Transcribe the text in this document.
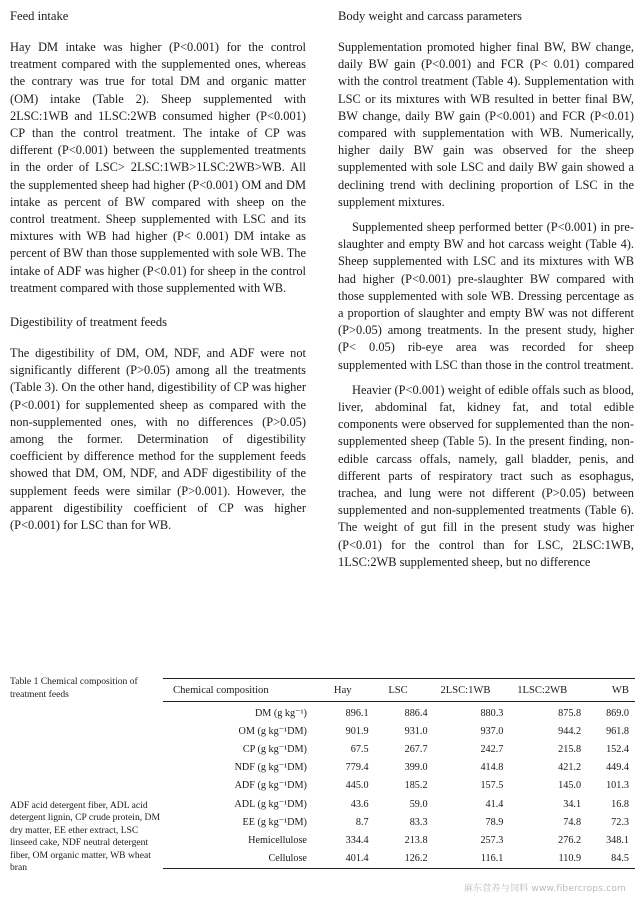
Feed intake

Hay DM intake was higher (P<0.001) for the control treatment compared with the supplemented ones, whereas the contrary was true for total DM and organic matter (OM) intake (Table 2). Sheep supplemented with 2LSC:1WB and 1LSC:2WB consumed higher (P<0.001) CP than the control treatment. The intake of CP was different (P<0.001) between the supplemented treatments in the order of LSC> 2LSC:1WB>1LSC:2WB>WB. All the supplemented sheep had higher (P<0.001) OM and DM intake as percent of BW compared with sheep on the control treatment. Sheep supplemented with LSC and its mixtures with WB had higher (P< 0.001) DM intake as percent of BW than those supplemented with sole WB. The intake of ADF was higher (P<0.01) for sheep in the control treatment compared with those supplemented with WB.

Digestibility of treatment feeds

The digestibility of DM, OM, NDF, and ADF were not significantly different (P>0.05) among all the treatments (Table 3). On the other hand, digestibility of CP was higher (P<0.001) for supplemented sheep as compared with the non-supplemented ones, with no differences (P>0.05) among the former. Determination of digestibility coefficient by difference method for the supplement feeds showed that DM, OM, NDF, and ADF digestibility of the supplement feeds were similar (P>0.001). However, the apparent digestibility coefficient of CP was higher (P<0.001) for LSC than for WB.

Body weight and carcass parameters

Supplementation promoted higher final BW, BW change, daily BW gain (P<0.001) and FCR (P< 0.01) compared with the control treatment (Table 4). Supplementation with LSC or its mixtures with WB resulted in better final BW, BW change, daily BW gain (P<0.001) and FCR (P<0.01) compared with supplementation with WB. Numerically, higher daily BW gain was observed for the sheep supplemented with sole LSC and daily BW gain showed a declining trend with declining proportion of LSC in the supplement mixtures.

Supplemented sheep performed better (P<0.001) in pre-slaughter and empty BW and hot carcass weight (Table 4). Sheep supplemented with LSC and its mixtures with WB had higher (P<0.001) pre-slaughter BW compared with those supplemented with sole WB. Dressing percentage as a proportion of slaughter and empty BW was not different (P>0.05) among treatments. In the present study, higher (P< 0.05) rib-eye area was recorded for sheep supplemented with LSC than those in the control treatment.

Heavier (P<0.001) weight of edible offals such as blood, liver, abdominal fat, kidney fat, and total edible components were observed for supplemented than the non-supplemented sheep (Table 5). In the present finding, non-edible carcass offals, namely, gall bladder, penis, and different parts of respiratory tract such as esophagus, trachea, and lung were not different (P>0.05) between supplemented and non-supplemented treatments (Table 6). The weight of gut fill in the present study was higher (P<0.01) for the control than for LSC, 2LSC:1WB, 1LSC:2WB supplemented sheep, but no difference

Table 1 Chemical composition of treatment feeds
ADF acid detergent fiber, ADL acid detergent lignin, CP crude protein, DM dry matter, EE ether extract, LSC linseed cake, NDF neutral detergent fiber, OM organic matter, WB wheat bran
Chemical composition	Hay	LSC	2LSC:1WB	1LSC:2WB	WB
DM (g kg⁻¹)	896.1	886.4	880.3	875.8	869.0
OM (g kg⁻¹DM)	901.9	931.0	937.0	944.2	961.8
CP (g kg⁻¹DM)	67.5	267.7	242.7	215.8	152.4
NDF (g kg⁻¹DM)	779.4	399.0	414.8	421.2	449.4
ADF (g kg⁻¹DM)	445.0	185.2	157.5	145.0	101.3
ADL (g kg⁻¹DM)	43.6	59.0	41.4	34.1	16.8
EE (g kg⁻¹DM)	8.7	83.3	78.9	74.8	72.3
Hemicellulose	334.4	213.8	257.3	276.2	348.1
Cellulose	401.4	126.2	116.1	110.9	84.5
麻东营养与饲料 www.fibercrops.com
